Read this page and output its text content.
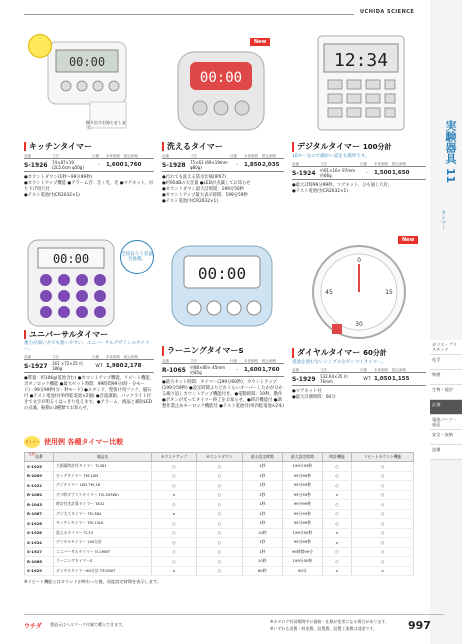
UCHIDA SCIENCE
実験器具 11
タイマー
ガラス・プラスチック
化学
物理
生物・地学
計測
電池パーツ・部品
安全・収納
設備
00:00
握り出すお知らせします。
キッチンタイマー
品番	寸法	仕様	本体価格	税込価格
S-1926	74×87×19 (2L5.6cm φ50g)	-	1,600 1,760
●カウントダウン(1秒～99分99秒)
●カウントアップ機能 ●アラーム音：音＋光、光 ●マグネット、吊り下げ用穴付
●テスト電池付(CR2032×1)
New
00:00
洗えるタイマー
品番	寸法	仕様	本体価格	税込価格
S-1928	75×63 (69×19mm φ80g)	-	1,850 2,035
●汚れても洗える防水仕様(IPX7)
●約95dBの大音量 ●LEDが点滅してお知らせ
●カウントダウン最大計時間：199分50秒
●カウントアップ最大表示時間：199分59秒
●テスト電池付(CR2032×1)
12:34
デジタルタイマー 100分計
10キーなので細かい設定も簡単です。
品番	寸法	仕様	本体価格	税込価格
S-1924	約61×16× 97mm 約66g	-	1,500 1,650
●最大計時99分99秒。マグネット、ひも通し穴付。
●テスト電池付(CR2032×1)
00:00	全国盲ろう者協会推薦。
ユニバーサルタイマー
視力が弱い方でも使いやすい、ユニバーサルデザインのタイマー。
品番	寸法	仕様	本体価格	税込価格
S-1927	161 ×72×25 約186g	WT 1,980 2,178
●質量：約106g(電池含む) ●カウントアップ機能、リピート機能、ボタンロック機能 ●最大セット時間：99時間99分(時・分モード)・99分99秒(分・秒モード) ●スタンド、壁掛け用フック、磁石付 ●テスト電池付(単四乾電池×2個) ●音量調節、バックライト付きで文字が明るくはっきり見えます。●アラーム、液晶と補助LEDの点滅、振動の3種類でお知らせ。
00:00
ラーニングタイマーS
品番	寸法	仕様	本体価格	税込価格
R-1065	約88×80× 45mm 約85g	-	1,600 1,760
●最大セット時間：タイマー(199分60秒)、カウントアップ(199分59秒) ●設定時間よりどれくらいオーバーしたかが分かる繰り返しカウントアップ機能付き。●電動時間：10秒。動作 ●ボタンが光ってタイマー終了をお知らせ。●時計機能付 ●調整作業止めキーロック機能付 ●テスト電池付(単四乾電池×2本)
New
0
15
30
45
ダイヤルタイマー 60分計
電池を使わないシンプルなゼンマイタイマー。
品番	寸法	仕様	本体価格	税込価格
S-1929	132.64×35 約76mm	WT 1,050 1,155
●マグネット付
●最大計測時間：60分
タイマー比較
使用例 各種タイマー比較
品番	商品名	カウントアップ	カウントダウン	最小設定時間	最大設定時間	時計機能	リピートカウント機能
S-1925	大画面時計付タイマー TL381	○	○	1秒	199分59秒	○	○
R-1009	ビッグタイマー TM-10N	○	○	1秒	99分99秒	○	○
S-1922	デジタイマー LED TM-16	○	○	1秒	99分59秒	○	○
R-1062	デジ時ダブリスタイマー TD-393Wh	×	○	1秒	99分59秒	×	○
R-1043	時計付き計算タイマー TA32	○	○	1秒	99分99秒	○	○
R-1067	デジ大スタイマー TD-384	×	○	1秒	99分59秒	○	○
S-1926	キッチンタイマー TM-13LK	○	○	1秒	99分99秒	○	○
S-1928	洗えるタイマー TL33	○	○	10秒	199分50秒	×	○
S-1924	デジタルタイマー 100分計	○	○	1秒	99分99秒	×	○
S-1927	ユニバーサルタイマー TL19WT	○	○	1秒	99時間99分	○	○
R-1065	ラーニングタイマーS	○	○	10秒	199分50秒	○	○
S-1929	ダイヤルタイマー60分計 T332WT	×	○	60秒	60分	×	×
※リピート機能とはカウントが終わった後、再度設定時間を表示します。
ウチダ 製造元はヘルマーク付属で購入できます。
※カタログ有効期間中に価格・仕様が変更になる場合があります。
※いずれも消費・料金費、設置費、設置工事費は別途です。	997
